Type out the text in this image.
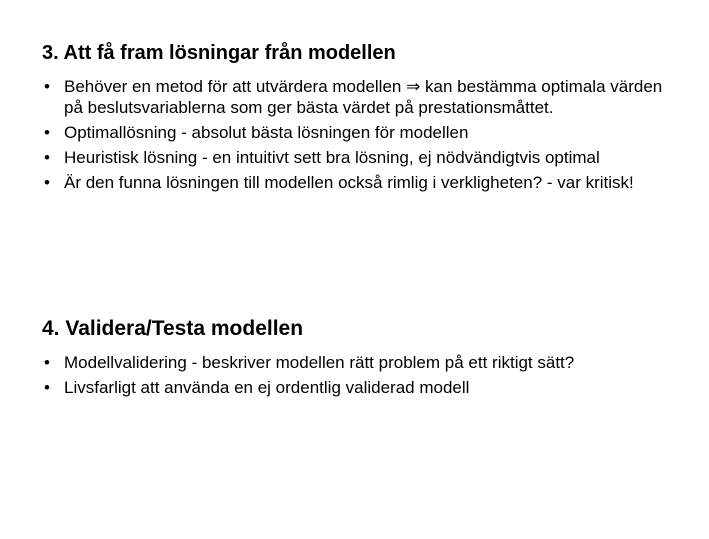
3. Att få fram lösningar från modellen
• Behöver en metod för att utvärdera modellen ⇒ kan bestämma optimala värden på beslutsvariablerna som ger bästa värdet på prestationsmåttet.
• Optimallösning - absolut bästa lösningen för modellen
• Heuristisk lösning - en intuitivt sett bra lösning, ej nödvändigtvis optimal
• Är den funna lösningen till modellen också rimlig i verkligheten? - var kritisk!
4. Validera/Testa modellen
• Modellvalidering - beskriver modellen rätt problem på ett riktigt sätt?
• Livsfarligt att använda en ej ordentlig validerad modell
